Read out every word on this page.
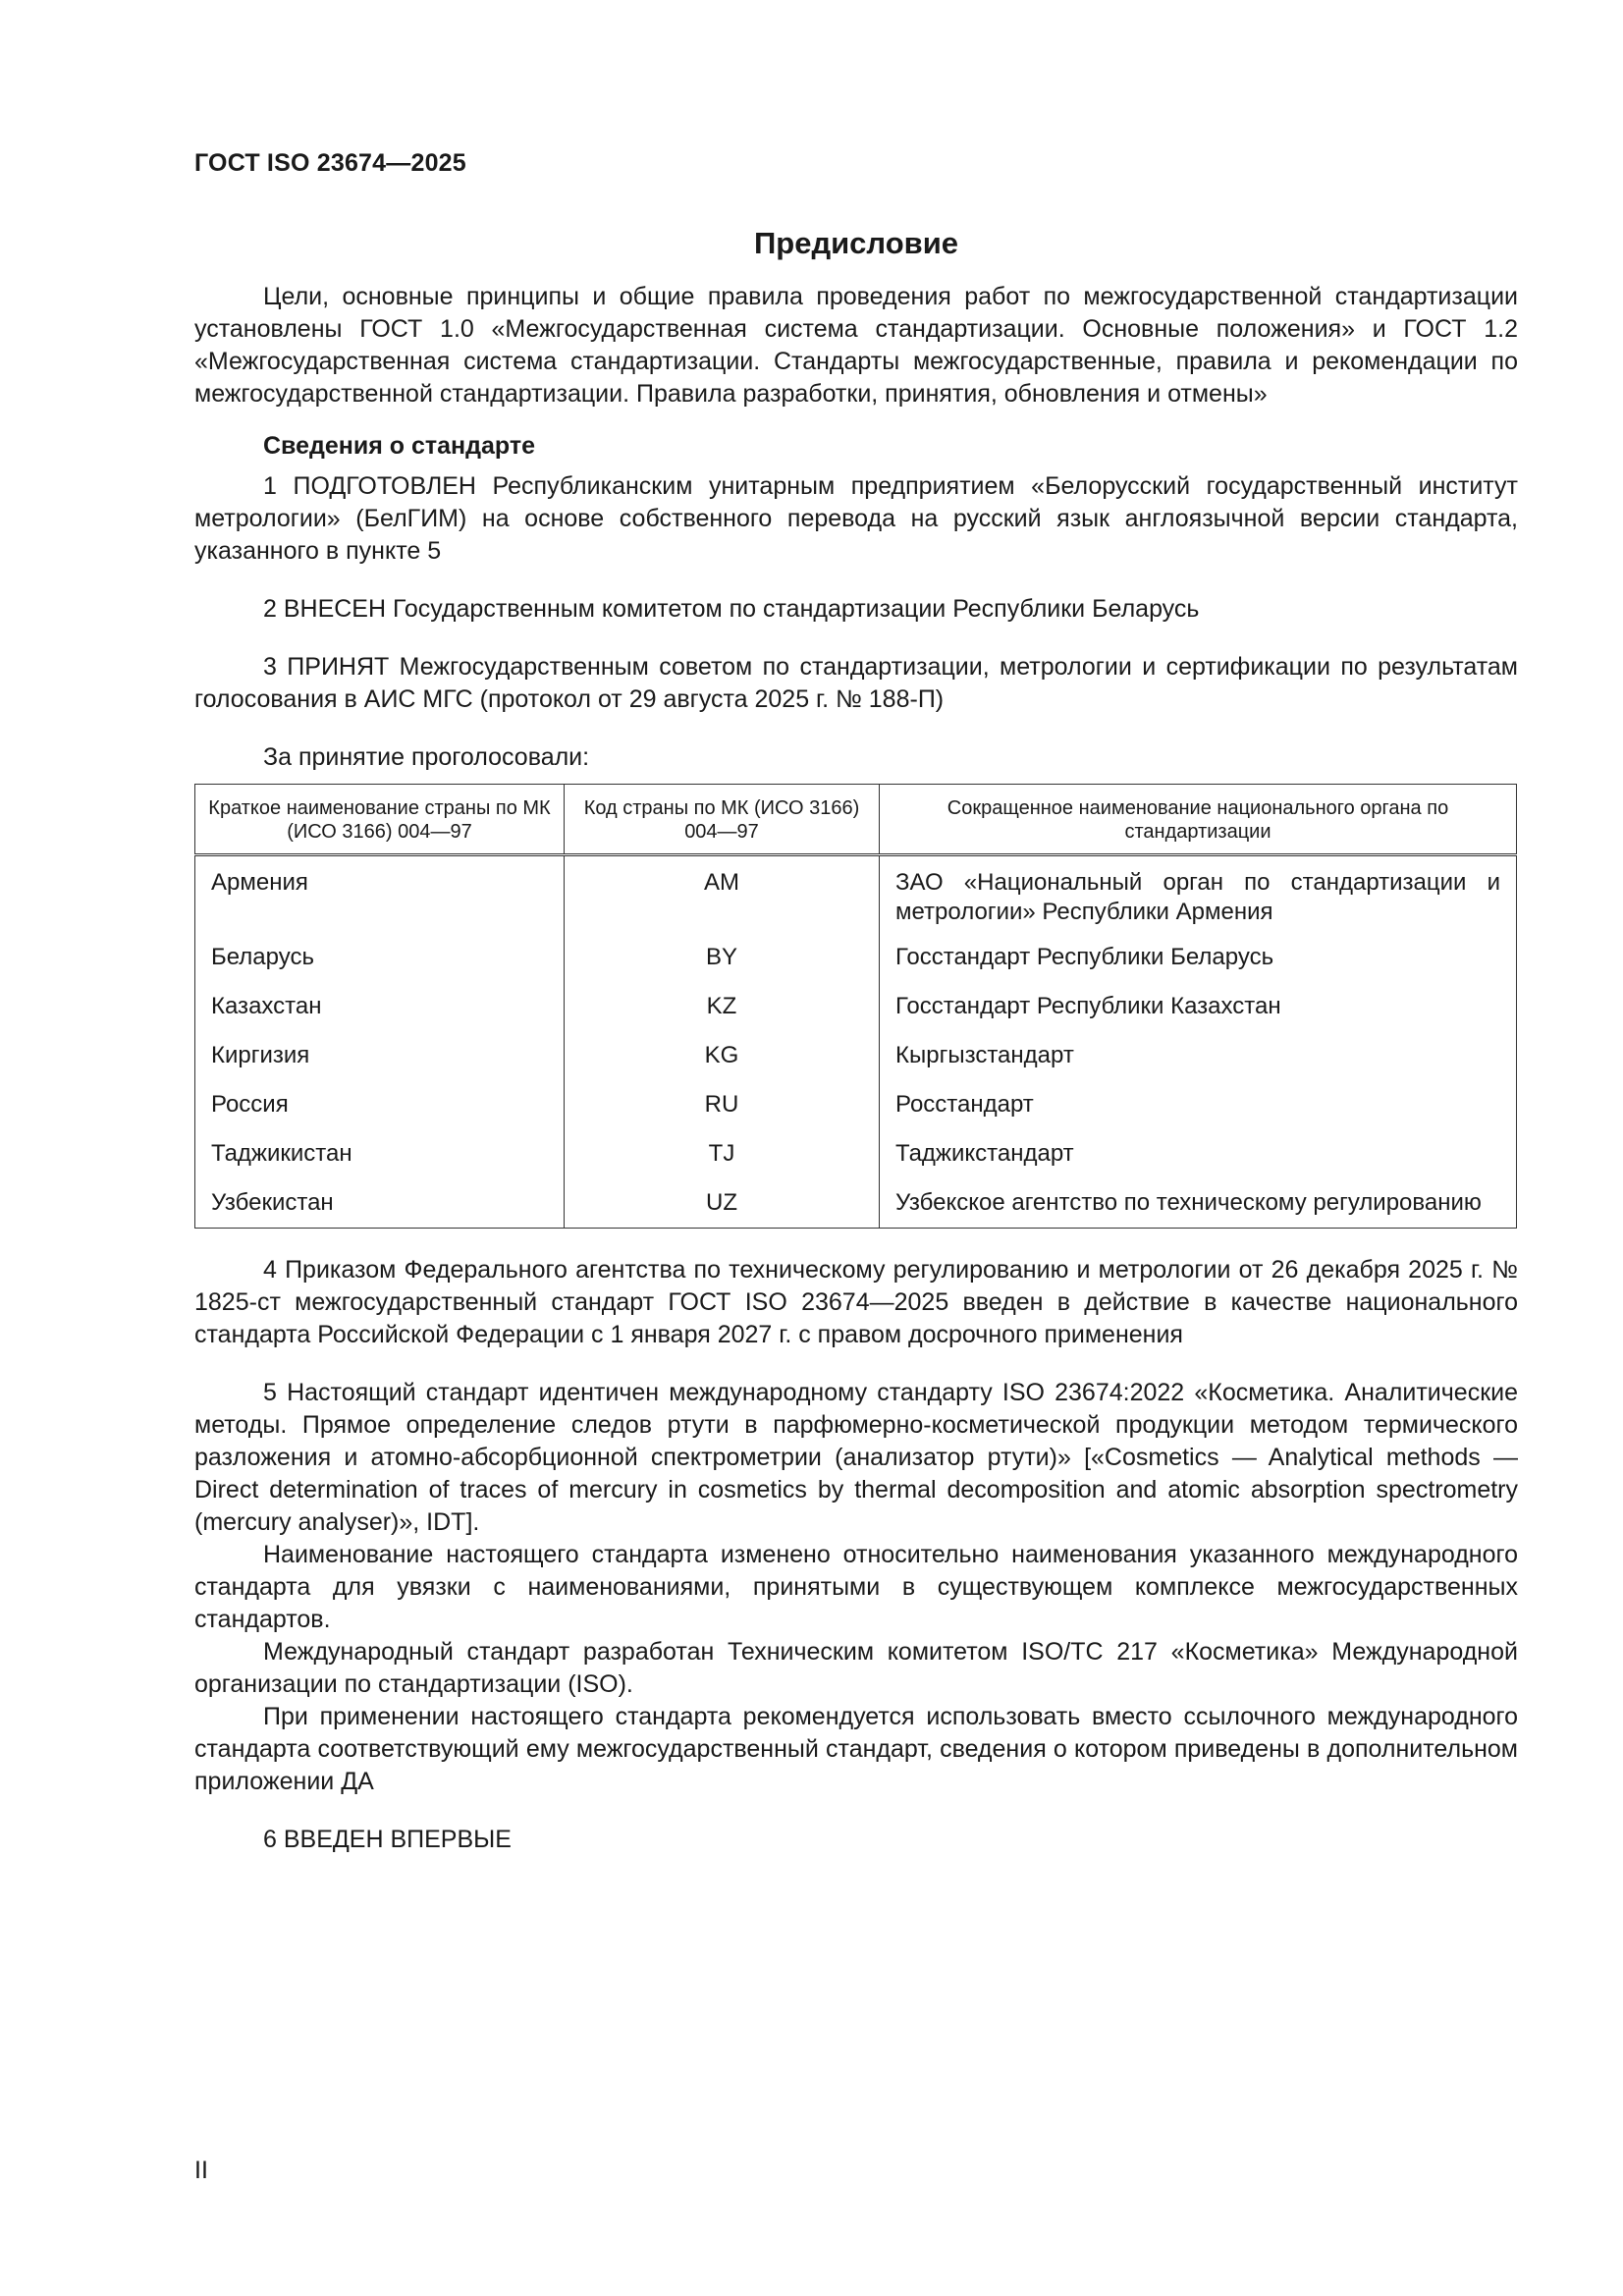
ГОСТ ISO 23674—2025
Предисловие

Цели, основные принципы и общие правила проведения работ по межгосударственной стандартизации установлены ГОСТ 1.0 «Межгосударственная система стандартизации. Основные положения» и ГОСТ 1.2 «Межгосударственная система стандартизации. Стандарты межгосударственные, правила и рекомендации по межгосударственной стандартизации. Правила разработки, принятия, обновления и отмены»

Сведения о стандарте

1 ПОДГОТОВЛЕН Республиканским унитарным предприятием «Белорусский государственный институт метрологии» (БелГИМ) на основе собственного перевода на русский язык англоязычной версии стандарта, указанного в пункте 5

2 ВНЕСЕН Государственным комитетом по стандартизации Республики Беларусь

3 ПРИНЯТ Межгосударственным советом по стандартизации, метрологии и сертификации по результатам голосования в АИС МГС (протокол от 29 августа 2025 г. № 188-П)

За принятие проголосовали:

Краткое наименование страны по МК (ИСО 3166) 004—97	Код страны по МК (ИСО 3166) 004—97	Сокращенное наименование национального органа по стандартизации
Армения	AM	ЗАО «Национальный орган по стандартизации и метрологии» Республики Армения
Беларусь	BY	Госстандарт Республики Беларусь
Казахстан	KZ	Госстандарт Республики Казахстан
Киргизия	KG	Кыргызстандарт
Россия	RU	Росстандарт
Таджикистан	TJ	Таджикстандарт
Узбекистан	UZ	Узбекское агентство по техническому регулированию

4 Приказом Федерального агентства по техническому регулированию и метрологии от 26 декабря 2025 г. № 1825-ст межгосударственный стандарт ГОСТ ISO 23674—2025 введен в действие в качестве национального стандарта Российской Федерации с 1 января 2027 г. с правом досрочного применения

5 Настоящий стандарт идентичен международному стандарту ISO 23674:2022 «Косметика. Аналитические методы. Прямое определение следов ртути в парфюмерно-косметической продукции методом термического разложения и атомно-абсорбционной спектрометрии (анализатор ртути)» [«Cosmetics — Analytical methods — Direct determination of traces of mercury in cosmetics by thermal decomposition and atomic absorption spectrometry (mercury analyser)», IDT].

Наименование настоящего стандарта изменено относительно наименования указанного международного стандарта для увязки с наименованиями, принятыми в существующем комплексе межгосударственных стандартов.

Международный стандарт разработан Техническим комитетом ISO/TC 217 «Косметика» Международной организации по стандартизации (ISO).

При применении настоящего стандарта рекомендуется использовать вместо ссылочного международного стандарта соответствующий ему межгосударственный стандарт, сведения о котором приведены в дополнительном приложении ДА

6 ВВЕДЕН ВПЕРВЫЕ

II
